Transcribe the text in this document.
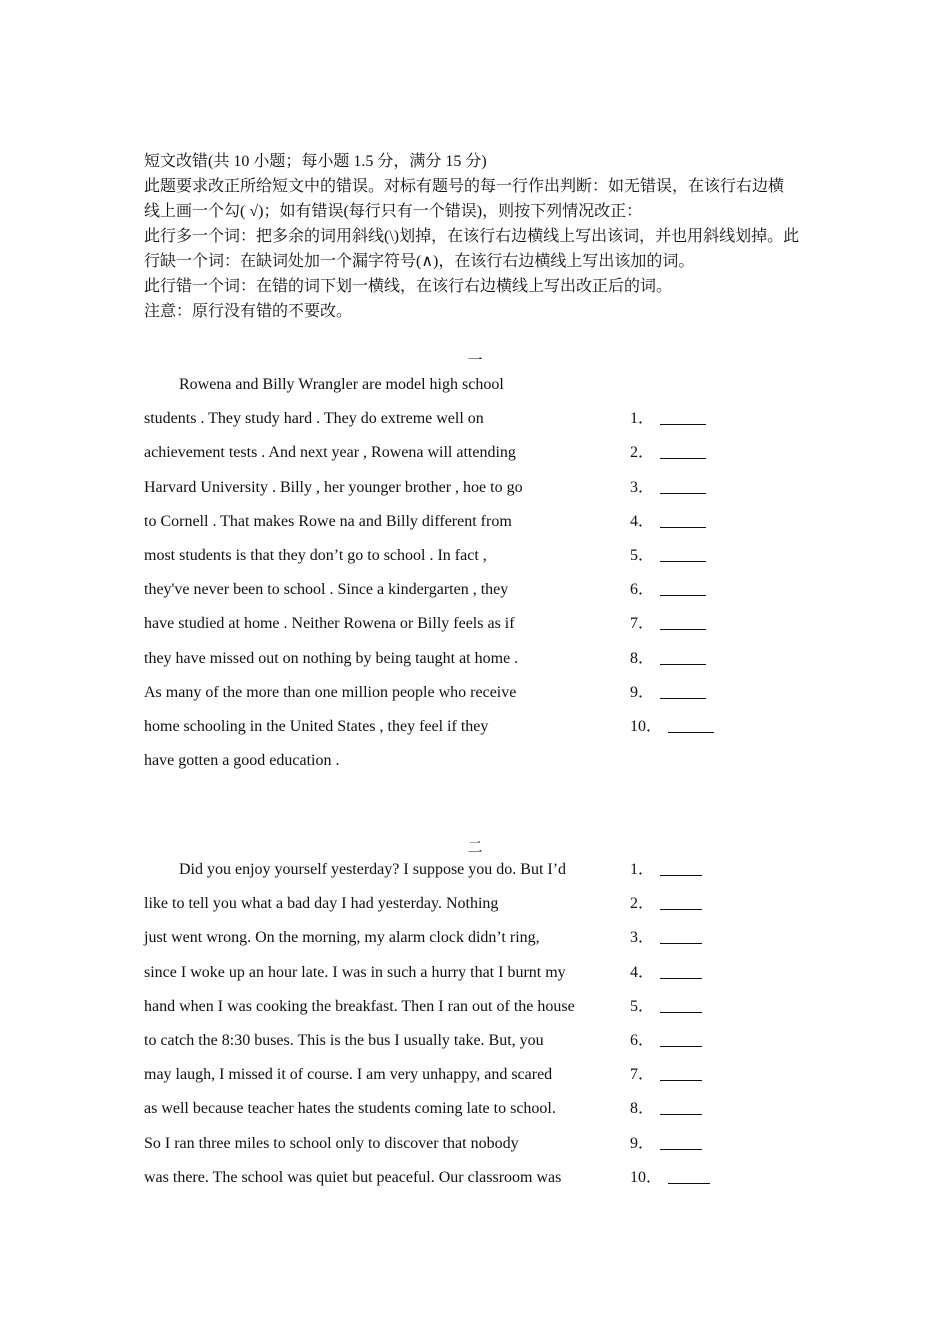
短文改错(共 10 小题；每小题 1.5 分，满分 15 分)
此题要求改正所给短文中的错误。对标有题号的每一行作出判断：如无错误，在该行右边横
线上画一个勾( √)；如有错误(每行只有一个错误)，则按下列情况改正：
此行多一个词：把多余的词用斜线(\)划掉，在该行右边横线上写出该词，并也用斜线划掉。此
行缺一个词：在缺词处加一个漏字符号(∧)，在该行右边横线上写出该加的词。
此行错一个词：在错的词下划一横线，在该行右边横线上写出改正后的词。
注意：原行没有错的不要改。
一
Rowena and Billy Wrangler are model high school
students . They study hard . They do extreme well on	1．
achievement tests . And next year , Rowena will attending	2．
Harvard University . Billy , her younger brother , hoe to go	3．
to Cornell . That makes Rowe na and Billy different from	4．
most students is that they don’t go to school . In fact ,	5．
they've never been to school . Since a kindergarten , they	6．
have studied at home . Neither Rowena or Billy feels as if	7．
they have missed out on nothing by being taught at home .	8．
As many of the more than one million people who receive	9．
home schooling in the United States , they feel if they	10．
have gotten a good education .
二
Did you enjoy yourself yesterday? I suppose you do. But I’d	1．
like to tell you what a bad day I had yesterday. Nothing	2．
just went wrong. On the morning, my alarm clock didn’t ring,	3．
since I woke up an hour late. I was in such a hurry that I burnt my	4．
hand when I was cooking the breakfast. Then I ran out of the house	5．
to catch the 8:30 buses. This is the bus I usually take. But, you	6．
may laugh, I missed it of course. I am very unhappy, and scared	7．
as well because teacher hates the students coming late to school.	8．
So I ran three miles to school only to discover that nobody	9．
was there. The school was quiet but peaceful. Our classroom was	10．
